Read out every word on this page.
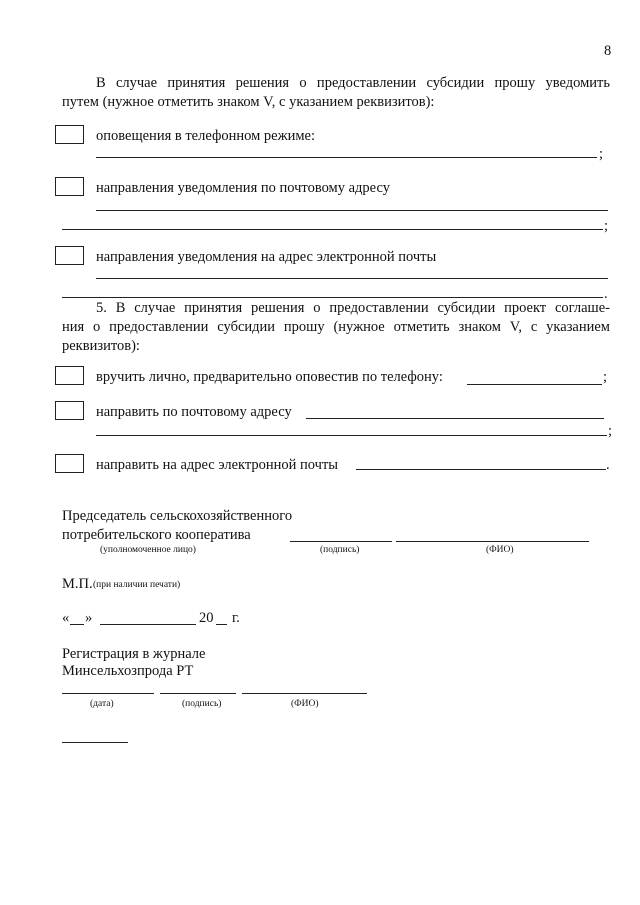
8
В случае принятия решения о предоставлении субсидии прошу уведомить
путем (нужное отметить знаком V, с указанием реквизитов):
оповещения в телефонном режиме:
;
направления уведомления по почтовому адресу
;
направления уведомления на адрес электронной почты
.
5. В случае принятия решения о предоставлении субсидии проект соглаше-
ния о предоставлении субсидии прошу (нужное отметить знаком V, с указанием
реквизитов):
вручить лично, предварительно оповестив по телефону:	;
направить по почтовому адресу
;
направить на адрес электронной почты	.
Председатель сельскохозяйственного
потребительского кооператива
(уполномоченное лицо)	(подпись)	(ФИО)
М.П. (при наличии печати)
« »	20 г.
Регистрация в журнале
Минсельхозпрода РТ
(дата)	(подпись)	(ФИО)
